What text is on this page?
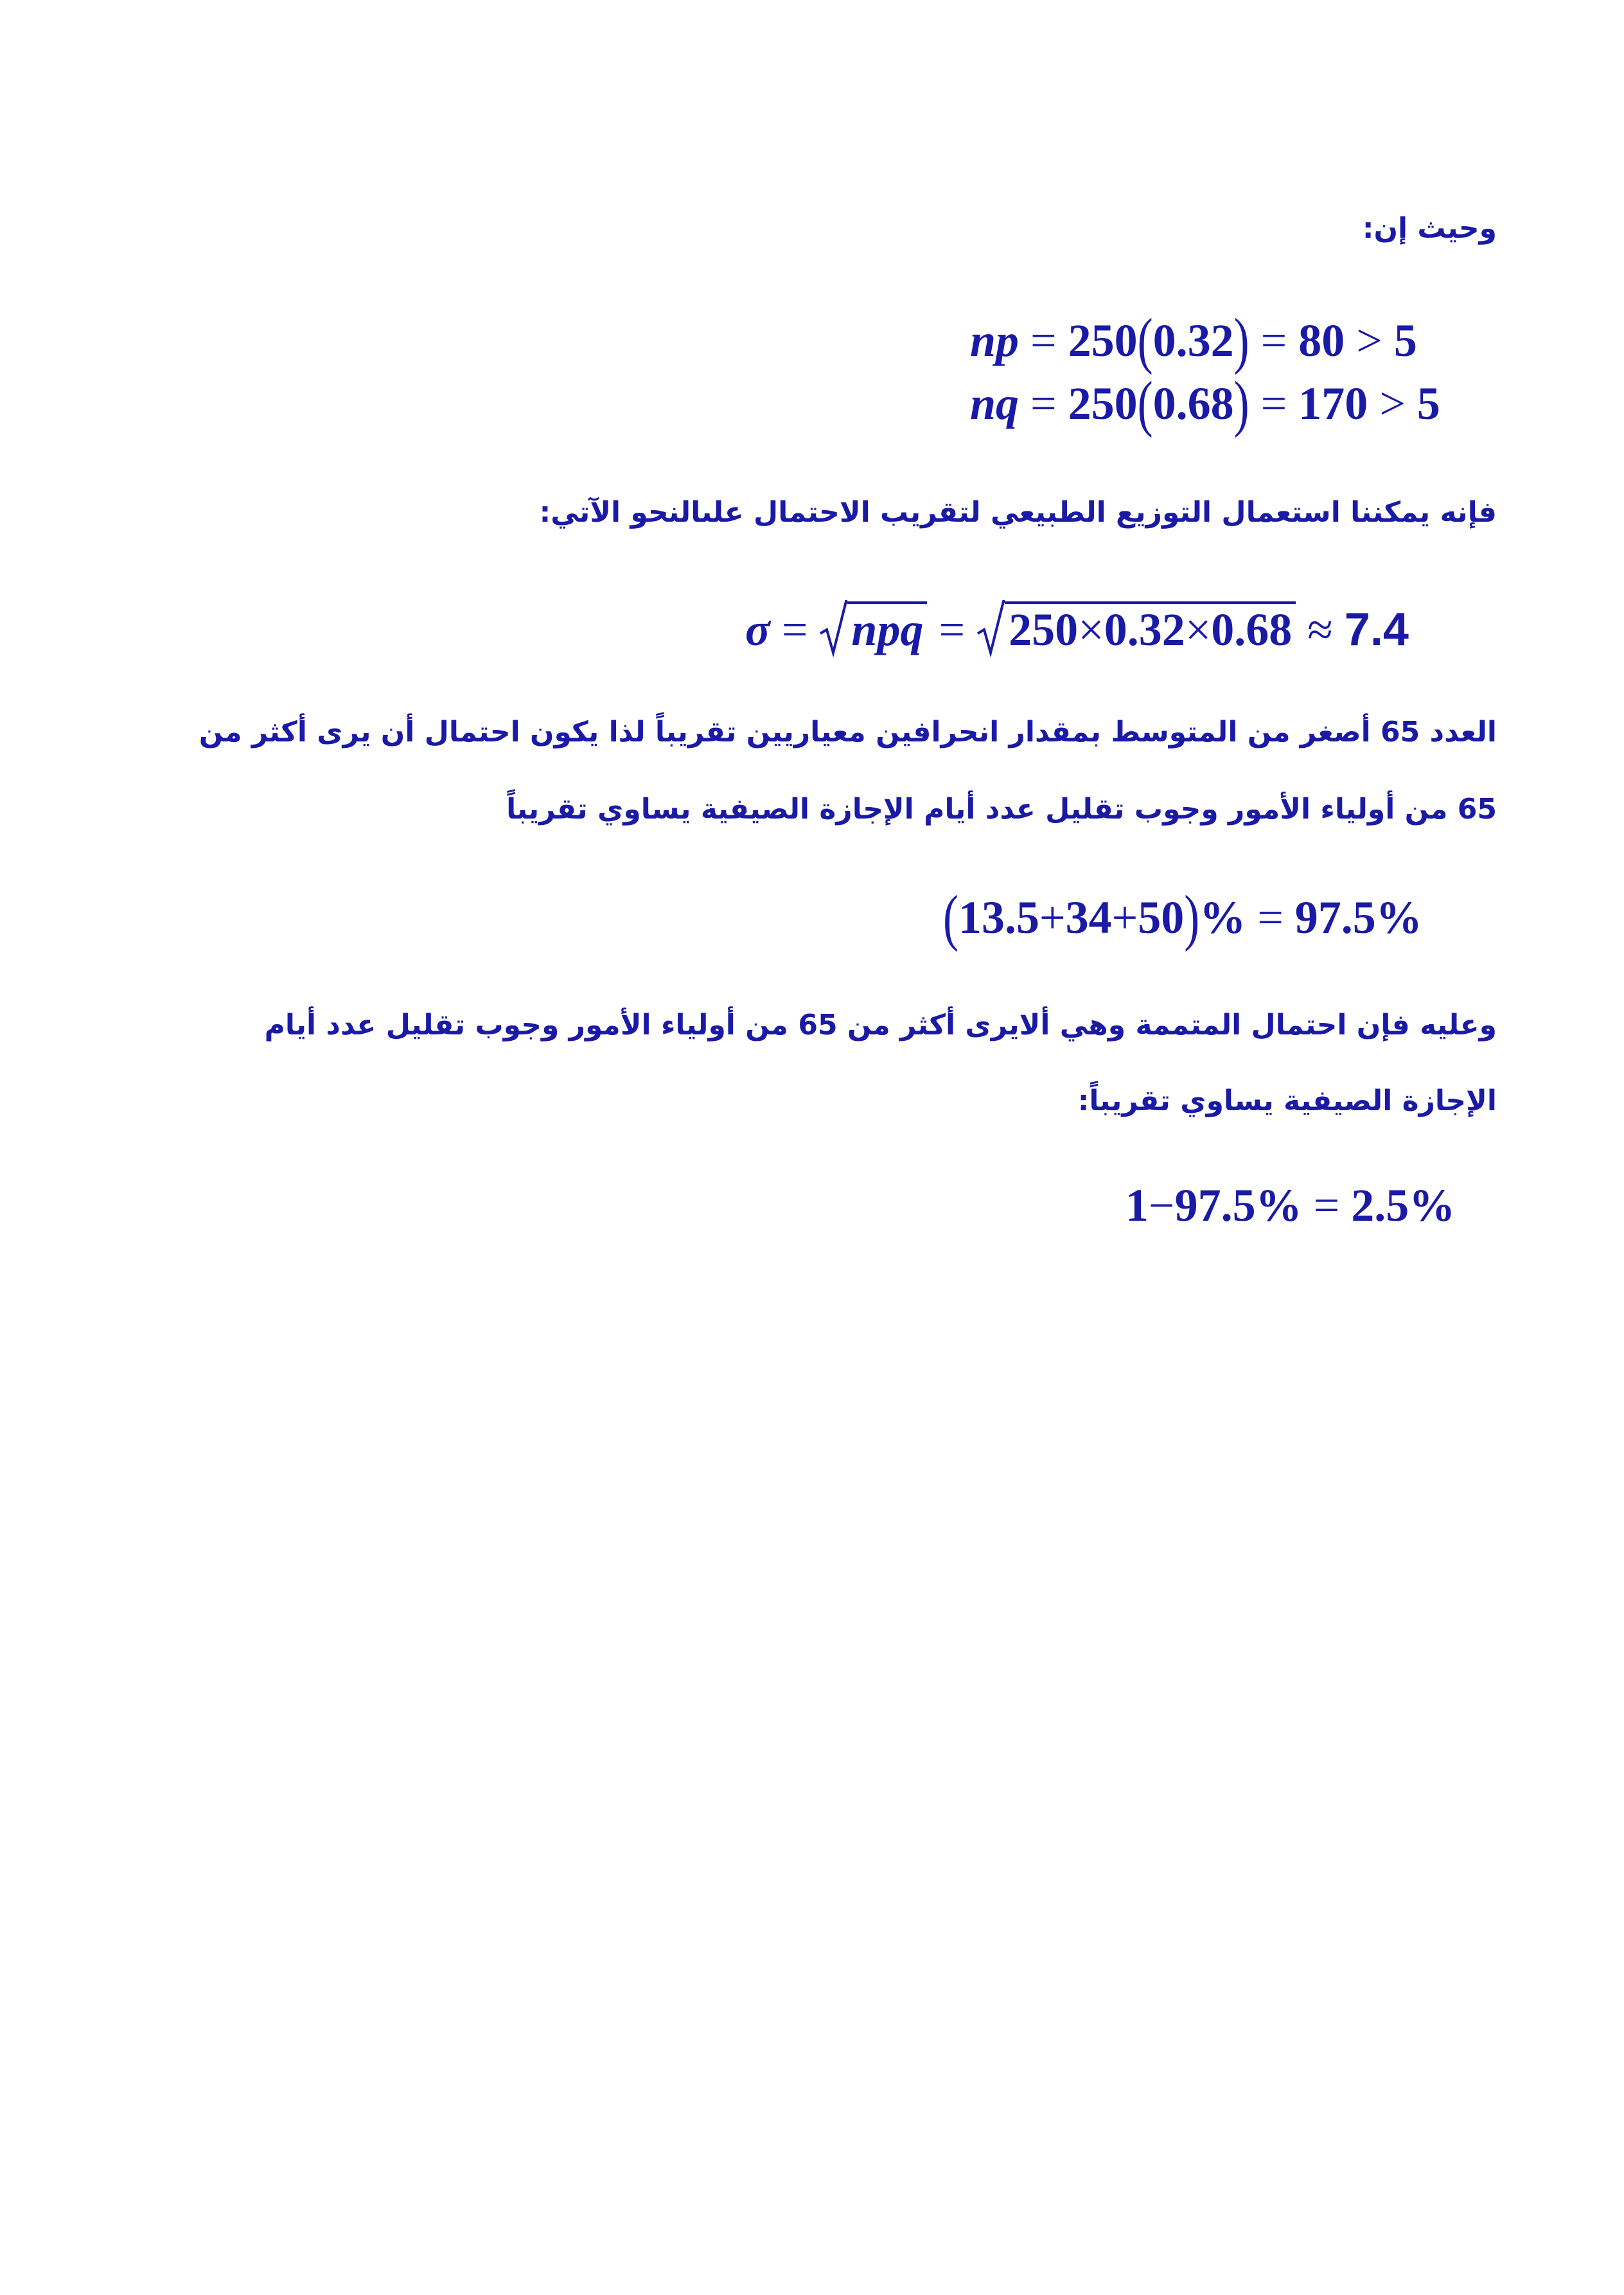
وحيث إن:
np = 250(0.32) = 80 > 5
nq = 250(0.68) = 170 > 5
فإنه يمكننا استعمال التوزيع الطبيعي لتقريب الاحتمال علىالنحو الآتي:
σ = npq = 250×0.32×0.68 ≈ 7.4
العدد 65 أصغر من المتوسط بمقدار انحرافين معياريين تقريباً لذا يكون احتمال أن يرى أكثر من
65 من أولياء الأمور وجوب تقليل عدد أيام الإجازة الصيفية يساوي تقريباً
(13.5+34+50)% = 97.5%
وعليه فإن احتمال المتممة وهي ألايرى أكثر من 65 من أولياء الأمور وجوب تقليل عدد أيام
الإجازة الصيفية يساوي تقريباً:
1−97.5% = 2.5%
